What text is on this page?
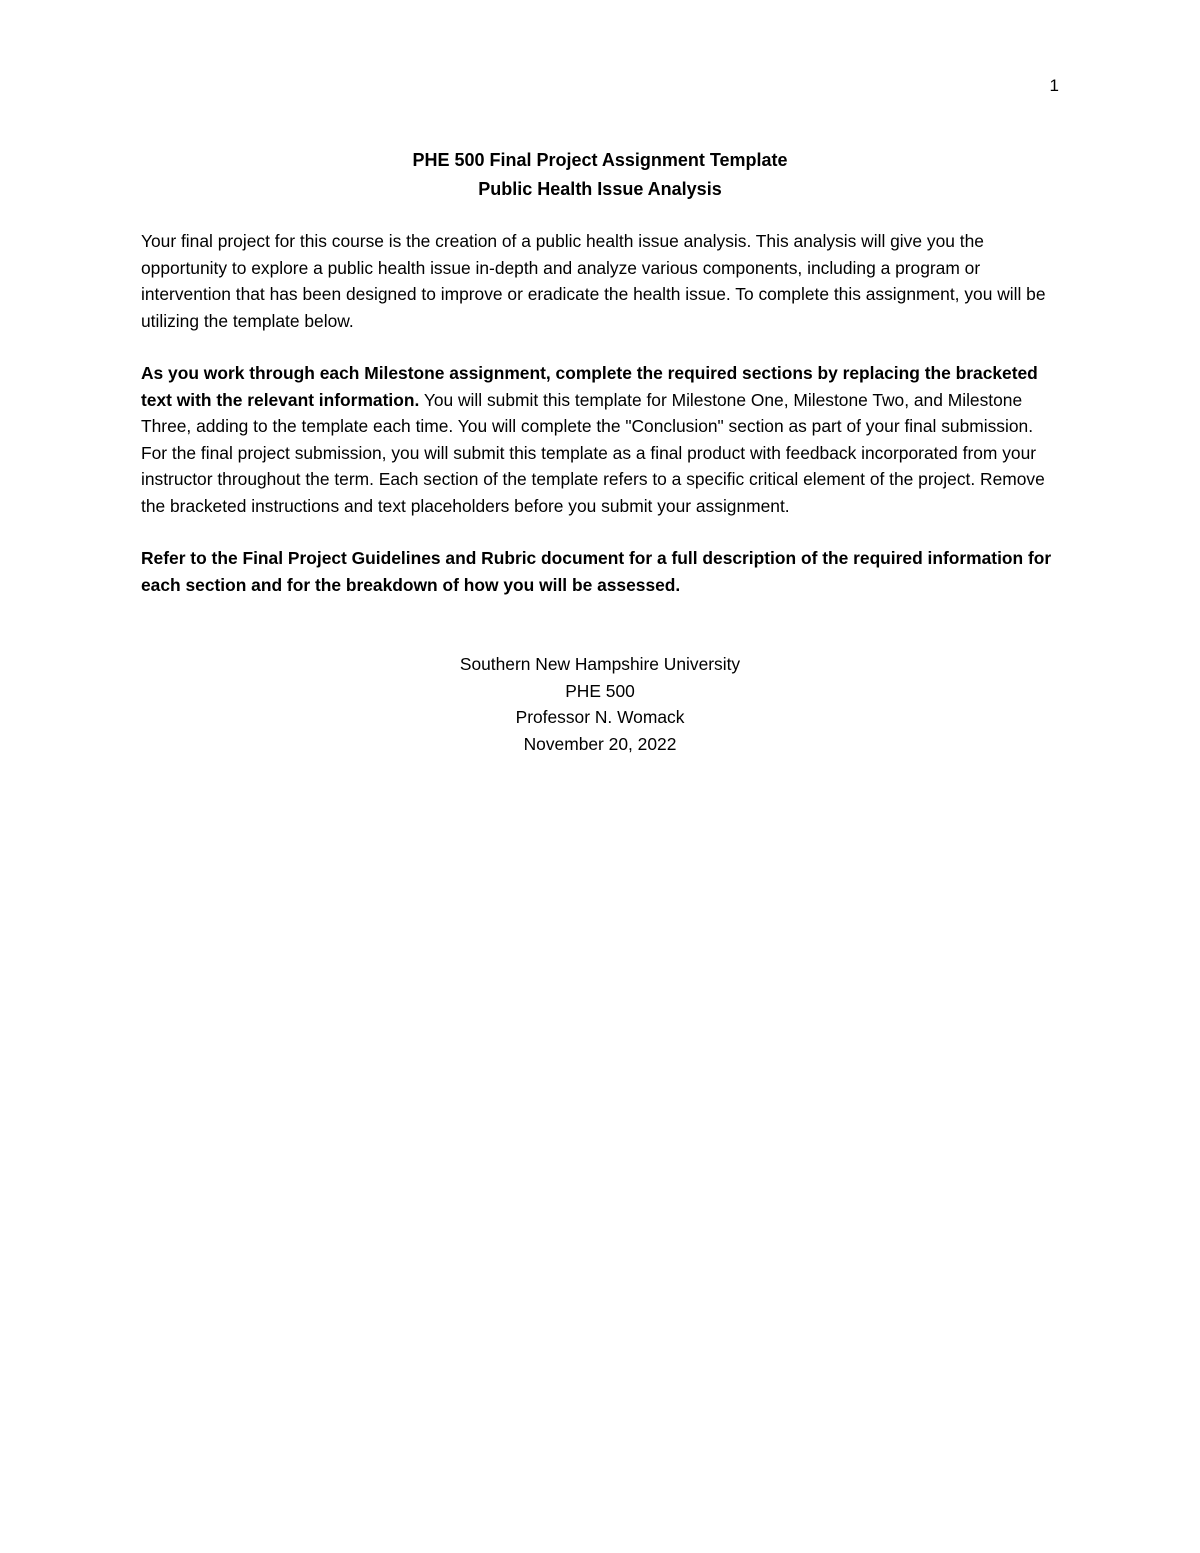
1
PHE 500 Final Project Assignment Template
Public Health Issue Analysis

Your final project for this course is the creation of a public health issue analysis. This analysis will give you the opportunity to explore a public health issue in-depth and analyze various components, including a program or intervention that has been designed to improve or eradicate the health issue. To complete this assignment, you will be utilizing the template below.

As you work through each Milestone assignment, complete the required sections by replacing the bracketed text with the relevant information. You will submit this template for Milestone One, Milestone Two, and Milestone Three, adding to the template each time. You will complete the "Conclusion" section as part of your final submission. For the final project submission, you will submit this template as a final product with feedback incorporated from your instructor throughout the term. Each section of the template refers to a specific critical element of the project. Remove the bracketed instructions and text placeholders before you submit your assignment.

Refer to the Final Project Guidelines and Rubric document for a full description of the required information for each section and for the breakdown of how you will be assessed.

Southern New Hampshire University
PHE 500
Professor N. Womack
November 20, 2022
